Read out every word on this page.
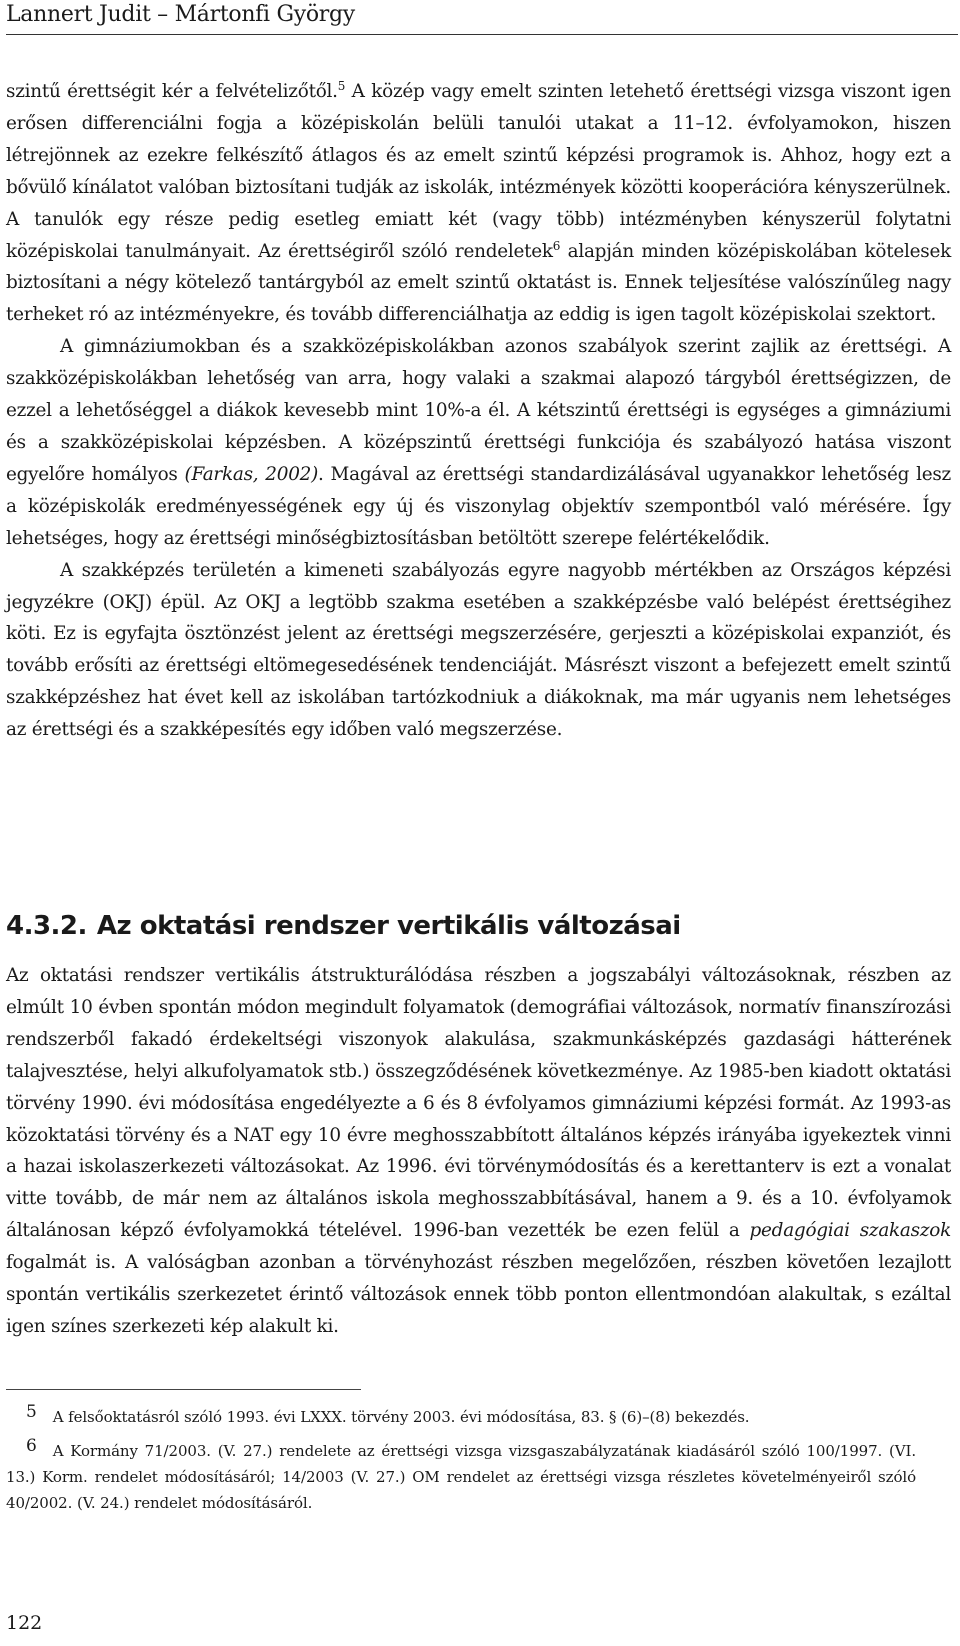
Lannert Judit – Mártonfi György

szintű érettségit kér a felvételizőtől.$^5$ A közép vagy emelt szinten letehető érettségi vizsga viszont igen erősen differenciálni fogja a középiskolán belüli tanulói utakat a 11–12. évfolyamokon, hiszen létrejönnek az ezekre felkészítő átlagos és az emelt szintű képzési programok is. Ahhoz, hogy ezt a bővülő kínálatot valóban biztosítani tudják az iskolák, intézmények közötti kooperációra kényszerülnek. A tanulók egy része pedig esetleg emiatt két (vagy több) intézményben kényszerül folytatni középiskolai tanulmányait. Az érettségiről szóló rendeletek$^6$ alapján minden középiskolában kötelesek biztosítani a négy kötelező tantárgyból az emelt szintű oktatást is. Ennek teljesítése valószínűleg nagy terheket ró az intézményekre, és tovább differenciálhatja az eddig is igen tagolt középiskolai szektort.

A gimnáziumokban és a szakközépiskolákban azonos szabályok szerint zajlik az érettségi. A szakközépiskolákban lehetőség van arra, hogy valaki a szakmai alapozó tárgyból érettségizzen, de ezzel a lehetőséggel a diákok kevesebb mint 10%-a él. A kétszintű érettségi is egységes a gimnáziumi és a szakközépiskolai képzésben. A középszintű érettségi funkciója és szabályozó hatása viszont egyelőre homályos (Farkas, 2002). Magával az érettségi standardizálásával ugyanakkor lehetőség lesz a középiskolák eredményességének egy új és viszonylag objektív szempontból való mérésére. Így lehetséges, hogy az érettségi minőségbiztosításban betöltött szerepe felértékelődik.

A szakképzés területén a kimeneti szabályozás egyre nagyobb mértékben az Országos képzési jegyzékre (OKJ) épül. Az OKJ a legtöbb szakma esetében a szakképzésbe való belépést érettségihez köti. Ez is egyfajta ösztönzést jelent az érettségi megszerzésére, gerjeszti a középiskolai expanziót, és tovább erősíti az érettségi eltömegesedésének tendenciáját. Másrészt viszont a befejezett emelt szintű szakképzéshez hat évet kell az iskolában tartózkodniuk a diákoknak, ma már ugyanis nem lehetséges az érettségi és a szakképesítés egy időben való megszerzése.

4.3.2. Az oktatási rendszer vertikális változásai

Az oktatási rendszer vertikális átstrukturálódása részben a jogszabályi változásoknak, részben az elmúlt 10 évben spontán módon megindult folyamatok (demográfiai változások, normatív finanszírozási rendszerből fakadó érdekeltségi viszonyok alakulása, szakmunkásképzés gazdasági hátterének talajvesztése, helyi alkufolyamatok stb.) összegződésének következménye. Az 1985-ben kiadott oktatási törvény 1990. évi módosítása engedélyezte a 6 és 8 évfolyamos gimnáziumi képzési formát. Az 1993-as közoktatási törvény és a NAT egy 10 évre meghosszabbított általános képzés irányába igyekeztek vinni a hazai iskolaszerkezeti változásokat. Az 1996. évi törvénymódosítás és a kerettanterv is ezt a vonalat vitte tovább, de már nem az általános iskola meghosszabbításával, hanem a 9. és a 10. évfolyamok általánosan képző évfolyamokká tételével. 1996-ban vezették be ezen felül a pedagógiai szakaszok fogalmát is. A valóságban azonban a törvényhozást részben megelőzően, részben követően lezajlott spontán vertikális szerkezetet érintő változások ennek több ponton ellentmondóan alakultak, s ezáltal igen színes szerkezeti kép alakult ki.

5 A felsőoktatásról szóló 1993. évi LXXX. törvény 2003. évi módosítása, 83. § (6)–(8) bekezdés.

6 A Kormány 71/2003. (V. 27.) rendelete az érettségi vizsga vizsgaszabályzatának kiadásáról szóló 100/1997. (VI. 13.) Korm. rendelet módosításáról; 14/2003 (V. 27.) OM rendelet az érettségi vizsga részletes követelményeiről szóló 40/2002. (V. 24.) rendelet módosításáról.

122
